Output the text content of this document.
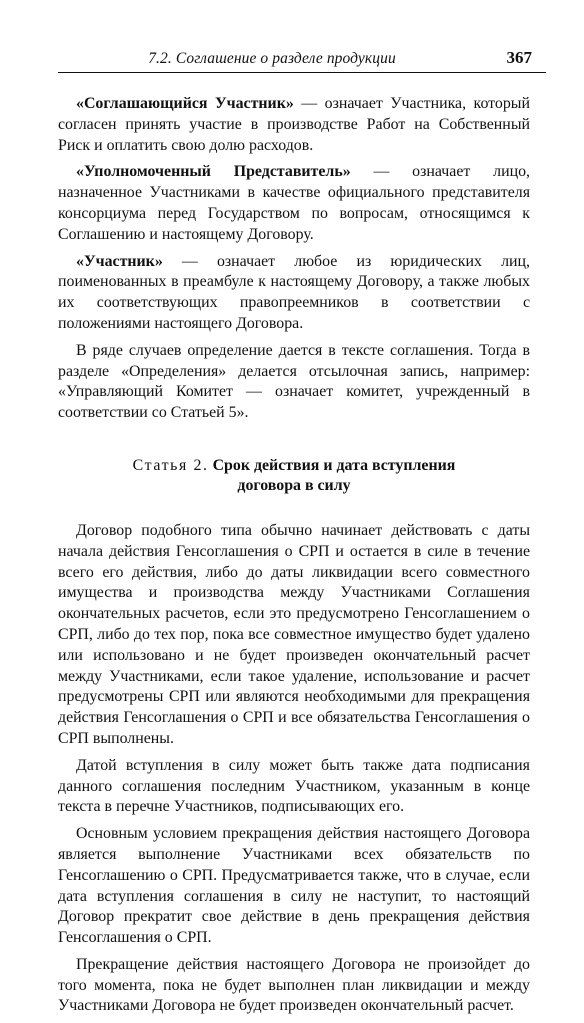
7.2. Соглашение о разделе продукции	367

«Соглашающийся Участник» — означает Участника, который согласен принять участие в производстве Работ на Собственный Риск и оплатить свою долю расходов.

«Уполномоченный Представитель» — означает лицо, назначенное Участниками в качестве официального представителя консорциума перед Государством по вопросам, относящимся к Соглашению и настоящему Договору.

«Участник» — означает любое из юридических лиц, поименованных в преамбуле к настоящему Договору, а также любых их соответствующих правопреемников в соответствии с положениями настоящего Договора.

В ряде случаев определение дается в тексте соглашения. Тогда в разделе «Определения» делается отсылочная запись, например: «Управляющий Комитет — означает комитет, учрежденный в соответствии со Статьей 5».

Статья 2. Срок действия и дата вступления
договора в силу

Договор подобного типа обычно начинает действовать с даты начала действия Генсоглашения о СРП и остается в силе в течение всего его действия, либо до даты ликвидации всего совместного имущества и производства между Участниками Соглашения окончательных расчетов, если это предусмотрено Генсоглашением о СРП, либо до тех пор, пока все совместное имущество будет удалено или использовано и не будет произведен окончательный расчет между Участниками, если такое удаление, использование и расчет предусмотрены СРП или являются необходимыми для прекращения действия Генсоглашения о СРП и все обязательства Генсоглашения о СРП выполнены.

Датой вступления в силу может быть также дата подписания данного соглашения последним Участником, указанным в конце текста в перечне Участников, подписывающих его.

Основным условием прекращения действия настоящего Договора является выполнение Участниками всех обязательств по Генсоглашению о СРП. Предусматривается также, что в случае, если дата вступления соглашения в силу не наступит, то настоящий Договор прекратит свое действие в день прекращения действия Генсоглашения о СРП.

Прекращение действия настоящего Договора не произойдет до того момента, пока не будет выполнен план ликвидации и между Участниками Договора не будет произведен окончательный расчет.
